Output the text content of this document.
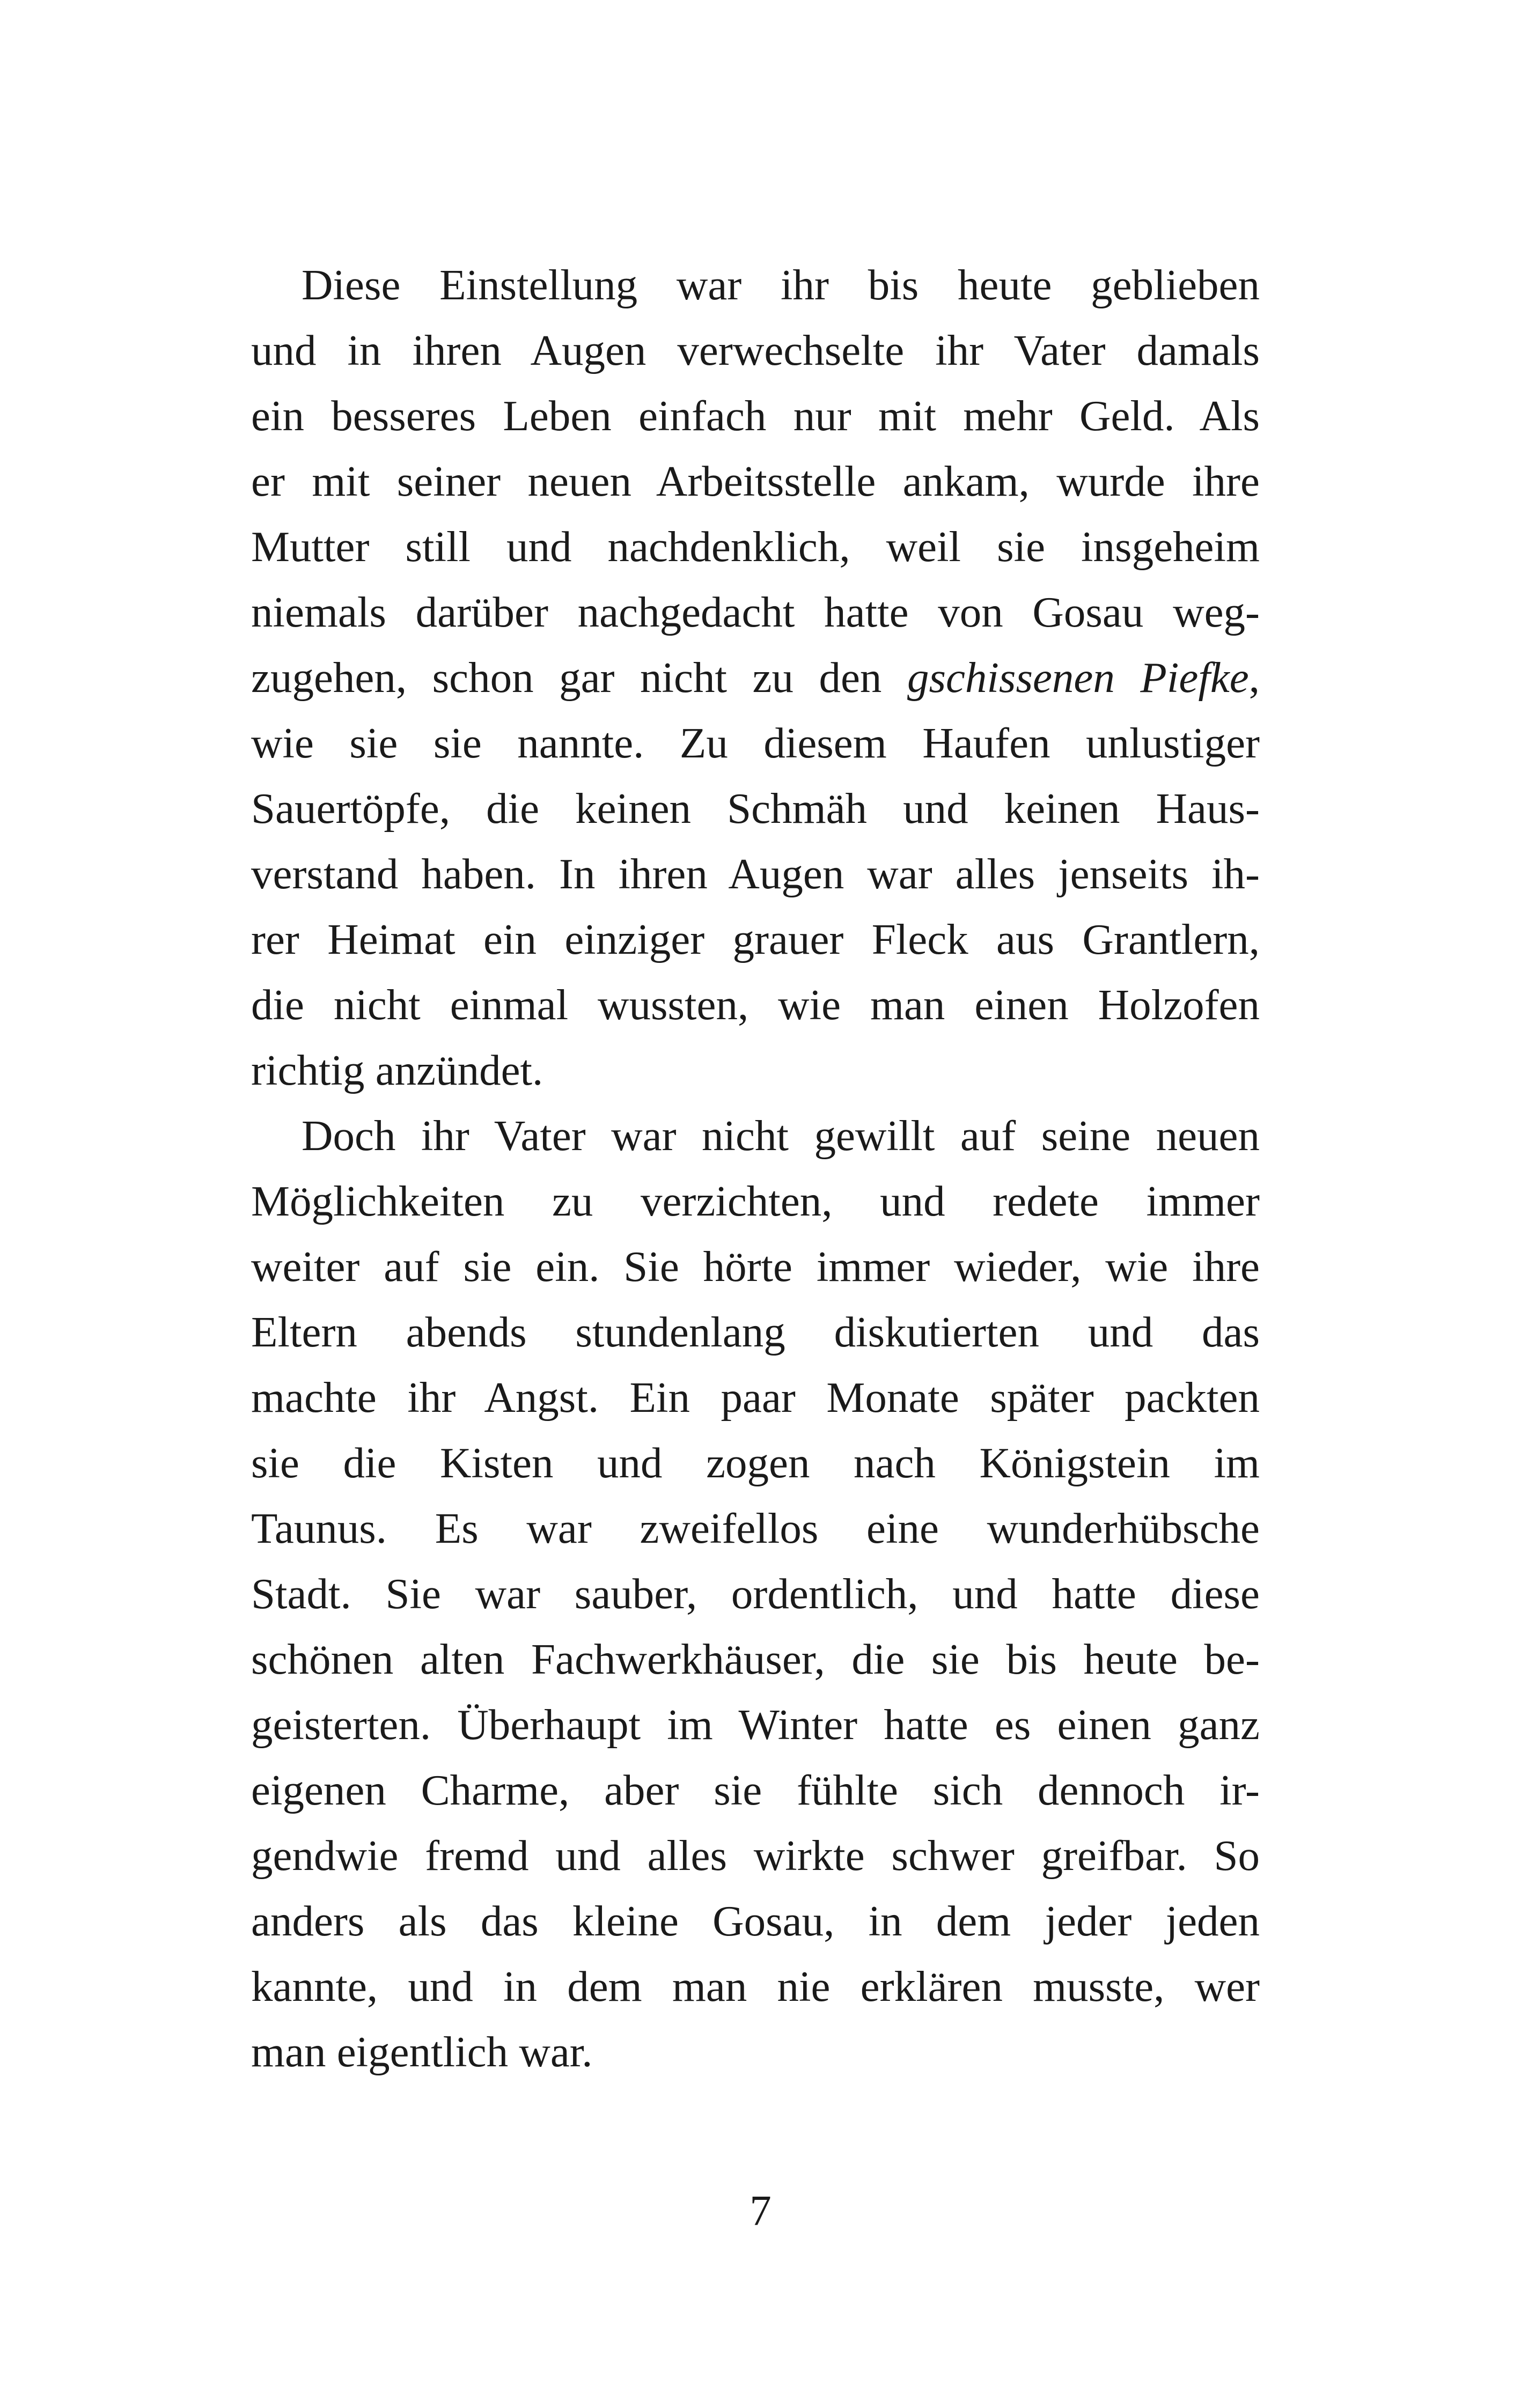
Diese Einstellung war ihr bis heute geblieben
und in ihren Augen verwechselte ihr Vater damals
ein besseres Leben einfach nur mit mehr Geld. Als
er mit seiner neuen Arbeitsstelle ankam, wurde ihre
Mutter still und nachdenklich, weil sie insgeheim
niemals darüber nachgedacht hatte von Gosau weg-
zugehen, schon gar nicht zu den gschissenen Piefke,
wie sie sie nannte. Zu diesem Haufen unlustiger
Sauertöpfe, die keinen Schmäh und keinen Haus-
verstand haben. In ihren Augen war alles jenseits ih-
rer Heimat ein einziger grauer Fleck aus Grantlern,
die nicht einmal wussten, wie man einen Holzofen
richtig anzündet.
Doch ihr Vater war nicht gewillt auf seine neuen
Möglichkeiten zu verzichten, und redete immer
weiter auf sie ein. Sie hörte immer wieder, wie ihre
Eltern abends stundenlang diskutierten und das
machte ihr Angst. Ein paar Monate später packten
sie die Kisten und zogen nach Königstein im
Taunus. Es war zweifellos eine wunderhübsche
Stadt. Sie war sauber, ordentlich, und hatte diese
schönen alten Fachwerkhäuser, die sie bis heute be-
geisterten. Überhaupt im Winter hatte es einen ganz
eigenen Charme, aber sie fühlte sich dennoch ir-
gendwie fremd und alles wirkte schwer greifbar. So
anders als das kleine Gosau, in dem jeder jeden
kannte, und in dem man nie erklären musste, wer
man eigentlich war.
7
